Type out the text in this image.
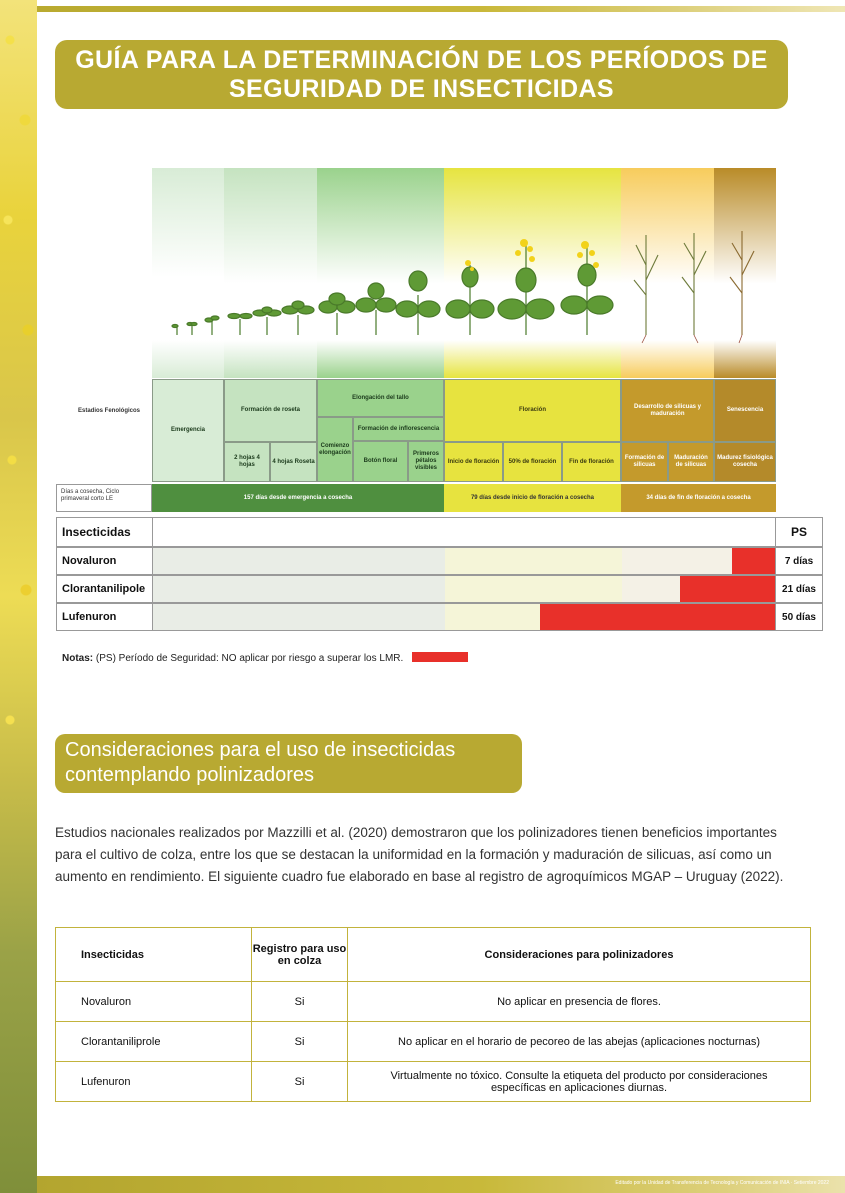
GUÍA PARA LA DETERMINACIÓN DE LOS PERÍODOS DE SEGURIDAD DE INSECTICIDAS
Estadios Fenológicos
Emergencia
Formación de roseta
2 hojas 4 hojas
4 hojas Roseta
Elongación del tallo
Comienzo elongación
Formación de inflorescencia
Botón floral
Primeros pétalos visibles
Floración
Inicio de floración	50% de floración	Fin de floración
Desarrollo de silicuas y maduración
Formación de silicuas
Maduración de silicuas
Senescencia
Madurez fisiológica cosecha
Días a cosecha, Ciclo primaveral corto LE	157 días desde emergencia a cosecha	79 días desde inicio de floración a cosecha	34 días de fin de floración a cosecha
Insecticidas	PS
Novaluron	7 días
Clorantanilipole	21 días
Lufenuron	50 días
Notas: (PS) Período de Seguridad: NO aplicar por riesgo a superar los LMR.
Consideraciones para el uso de insecticidas contemplando polinizadores

Estudios nacionales realizados por Mazzilli et al. (2020) demostraron que los polinizadores tienen beneficios importantes para el cultivo de colza, entre los que se destacan la uniformidad en la formación y maduración de silicuas, así como un aumento en rendimiento. El siguiente cuadro fue elaborado en base al registro de agroquímicos MGAP – Uruguay (2022).

Insecticidas	Registro para uso en colza	Consideraciones para polinizadores
Novaluron	Si	No aplicar en presencia de flores.
Clorantaniliprole	Si	No aplicar en el horario de pecoreo de las abejas (aplicaciones nocturnas)
Lufenuron	Si	Virtualmente no tóxico. Consulte la etiqueta del producto por consideraciones específicas en aplicaciones diurnas.
Editado por la Unidad de Transferencia de Tecnología y Comunicación de INIA · Setiembre 2022
